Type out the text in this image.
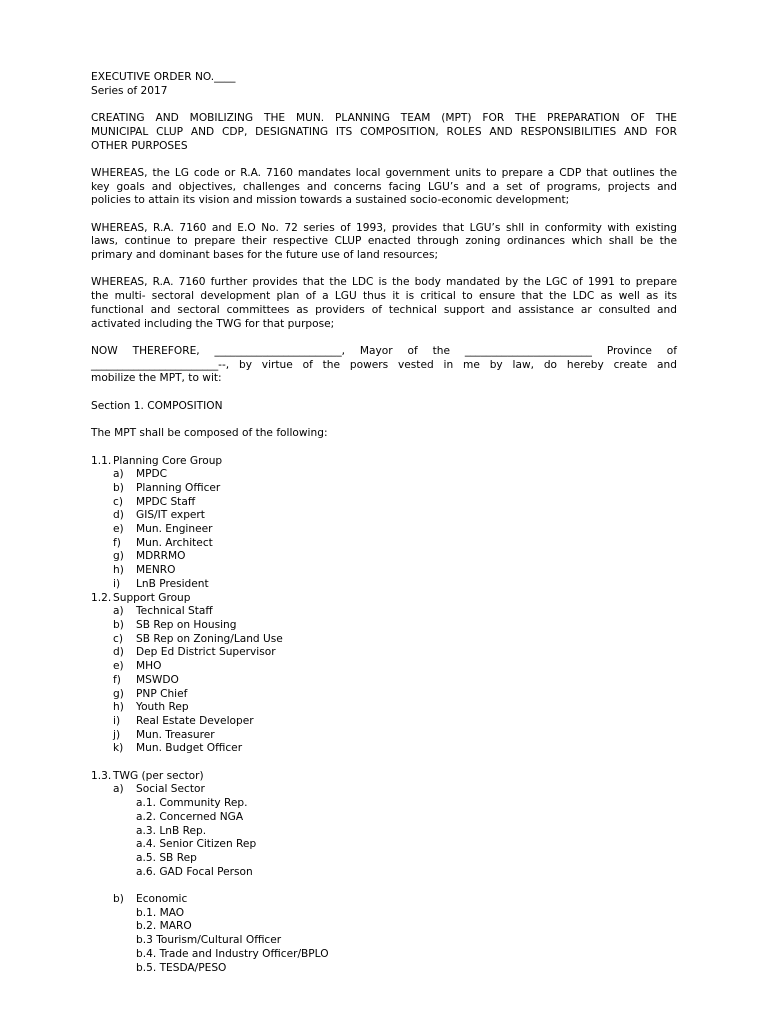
EXECUTIVE ORDER NO.____

Series of 2017

CREATING AND MOBILIZING THE MUN. PLANNING TEAM (MPT) FOR THE PREPARATION OF THE

MUNICIPAL CLUP AND CDP, DESIGNATING ITS COMPOSITION, ROLES AND RESPONSIBILITIES AND FOR

OTHER PURPOSES

WHEREAS, the LG code or R.A. 7160 mandates local government units to prepare a CDP that outlines the

key goals and objectives, challenges and concerns facing LGU’s and a set of programs, projects and

policies to attain its vision and mission towards a sustained socio-economic development;

WHEREAS, R.A. 7160 and E.O No. 72 series of 1993, provides that LGU’s shll in conformity with existing

laws, continue to prepare their respective CLUP enacted through zoning ordinances which shall be the

primary and dominant bases for the future use of land resources;

WHEREAS, R.A. 7160 further provides that the LDC is the body mandated by the LGC of 1991 to prepare

the multi- sectoral development plan of a LGU thus it is critical to ensure that the LDC as well as its

functional and sectoral committees as providers of technical support and assistance ar consulted and

activated including the TWG for that purpose;

NOW THEREFORE, ________________________, Mayor of the ________________________ Province of

________________________--, by virtue of the powers vested in me by law, do hereby create and

mobilize the MPT, to wit:

Section 1. COMPOSITION

The MPT shall be composed of the following:

1.1. Planning Core Group

a) MPDC

b) Planning Officer

c) MPDC Staff

d) GIS/IT expert

e) Mun. Engineer

f) Mun. Architect

g) MDRRMO

h) MENRO

i) LnB President

1.2. Support Group

a) Technical Staff

b) SB Rep on Housing

c) SB Rep on Zoning/Land Use

d) Dep Ed District Supervisor

e) MHO

f) MSWDO

g) PNP Chief

h) Youth Rep

i) Real Estate Developer

j) Mun. Treasurer

k) Mun. Budget Officer

1.3. TWG (per sector)

a) Social Sector

a.1. Community Rep.

a.2. Concerned NGA

a.3. LnB Rep.

a.4. Senior Citizen Rep

a.5. SB Rep

a.6. GAD Focal Person

b) Economic

b.1. MAO

b.2. MARO

b.3 Tourism/Cultural Officer

b.4. Trade and Industry Officer/BPLO

b.5. TESDA/PESO
